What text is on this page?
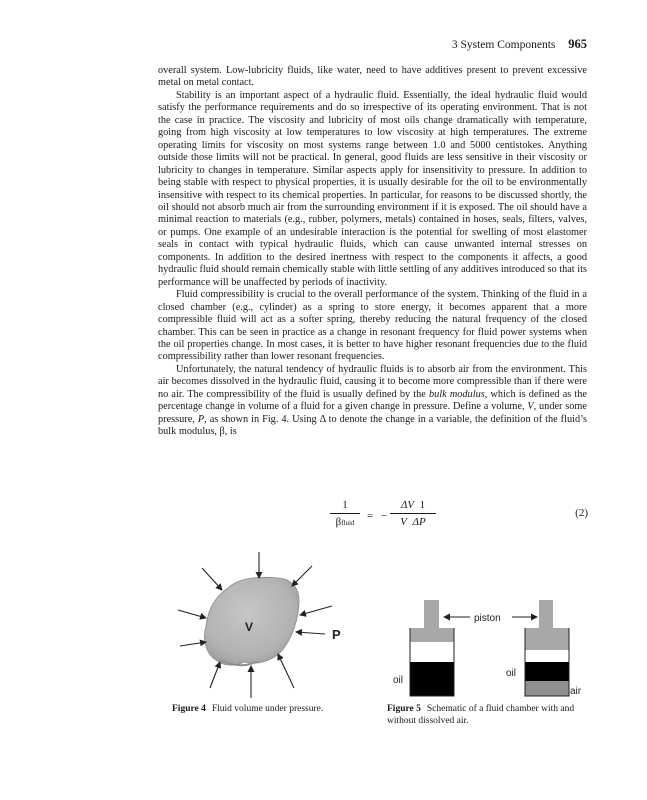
3 System Components 965

overall system. Low-lubricity fluids, like water, need to have additives present to prevent excessive metal on metal contact.

Stability is an important aspect of a hydraulic fluid. Essentially, the ideal hydraulic fluid would satisfy the performance requirements and do so irrespective of its operating environment. That is not the case in practice. The viscosity and lubricity of most oils change dramatically with temperature, going from high viscosity at low temperatures to low viscosity at high temperatures. The extreme operating limits for viscosity on most systems range between 1.0 and 5000 centistokes. Anything outside those limits will not be practical. In general, good fluids are less sensitive in their viscosity or lubricity to changes in temperature. Similar aspects apply for insensitivity to pressure. In addition to being stable with respect to physical properties, it is usually desirable for the oil to be environmentally insensitive with respect to its chemical properties. In particular, for reasons to be discussed shortly, the oil should not absorb much air from the surrounding environment if it is exposed. The oil should have a minimal reaction to materials (e.g., rubber, polymers, metals) contained in hoses, seals, filters, valves, or pumps. One example of an undesirable interaction is the potential for swelling of most elastomer seals in contact with typical hydraulic fluids, which can cause unwanted internal stresses on components. In addition to the desired inertness with respect to the components it affects, a good hydraulic fluid should remain chemically stable with little settling of any additives introduced so that its performance will be unaffected by periods of inactivity.

Fluid compressibility is crucial to the overall performance of the system. Thinking of the fluid in a closed chamber (e.g., cylinder) as a spring to store energy, it becomes apparent that a more compressible fluid will act as a softer spring, thereby reducing the natural frequency of the closed chamber. This can be seen in practice as a change in resonant frequency for fluid power systems when the oil properties change. In most cases, it is better to have higher resonant frequencies due to the fluid compressibility rather than lower resonant frequencies.

Unfortunately, the natural tendency of hydraulic fluids is to absorb air from the environment. This air becomes dissolved in the hydraulic fluid, causing it to become more compressible than if there were no air. The compressibility of the fluid is usually defined by the bulk modulus, which is defined as the percentage change in volume of a fluid for a given change in pressure. Define a volume, V, under some pressure, P, as shown in Fig. 4. Using Δ to denote the change in a variable, the definition of the fluid’s bulk modulus, β, is

1
βfluid
= −
ΔV 1
V ΔP
(2)
V	P
piston
oil
oil
air
Figure 4 Fluid volume under pressure.	Figure 5 Schematic of a fluid chamber with and without dissolved air.
